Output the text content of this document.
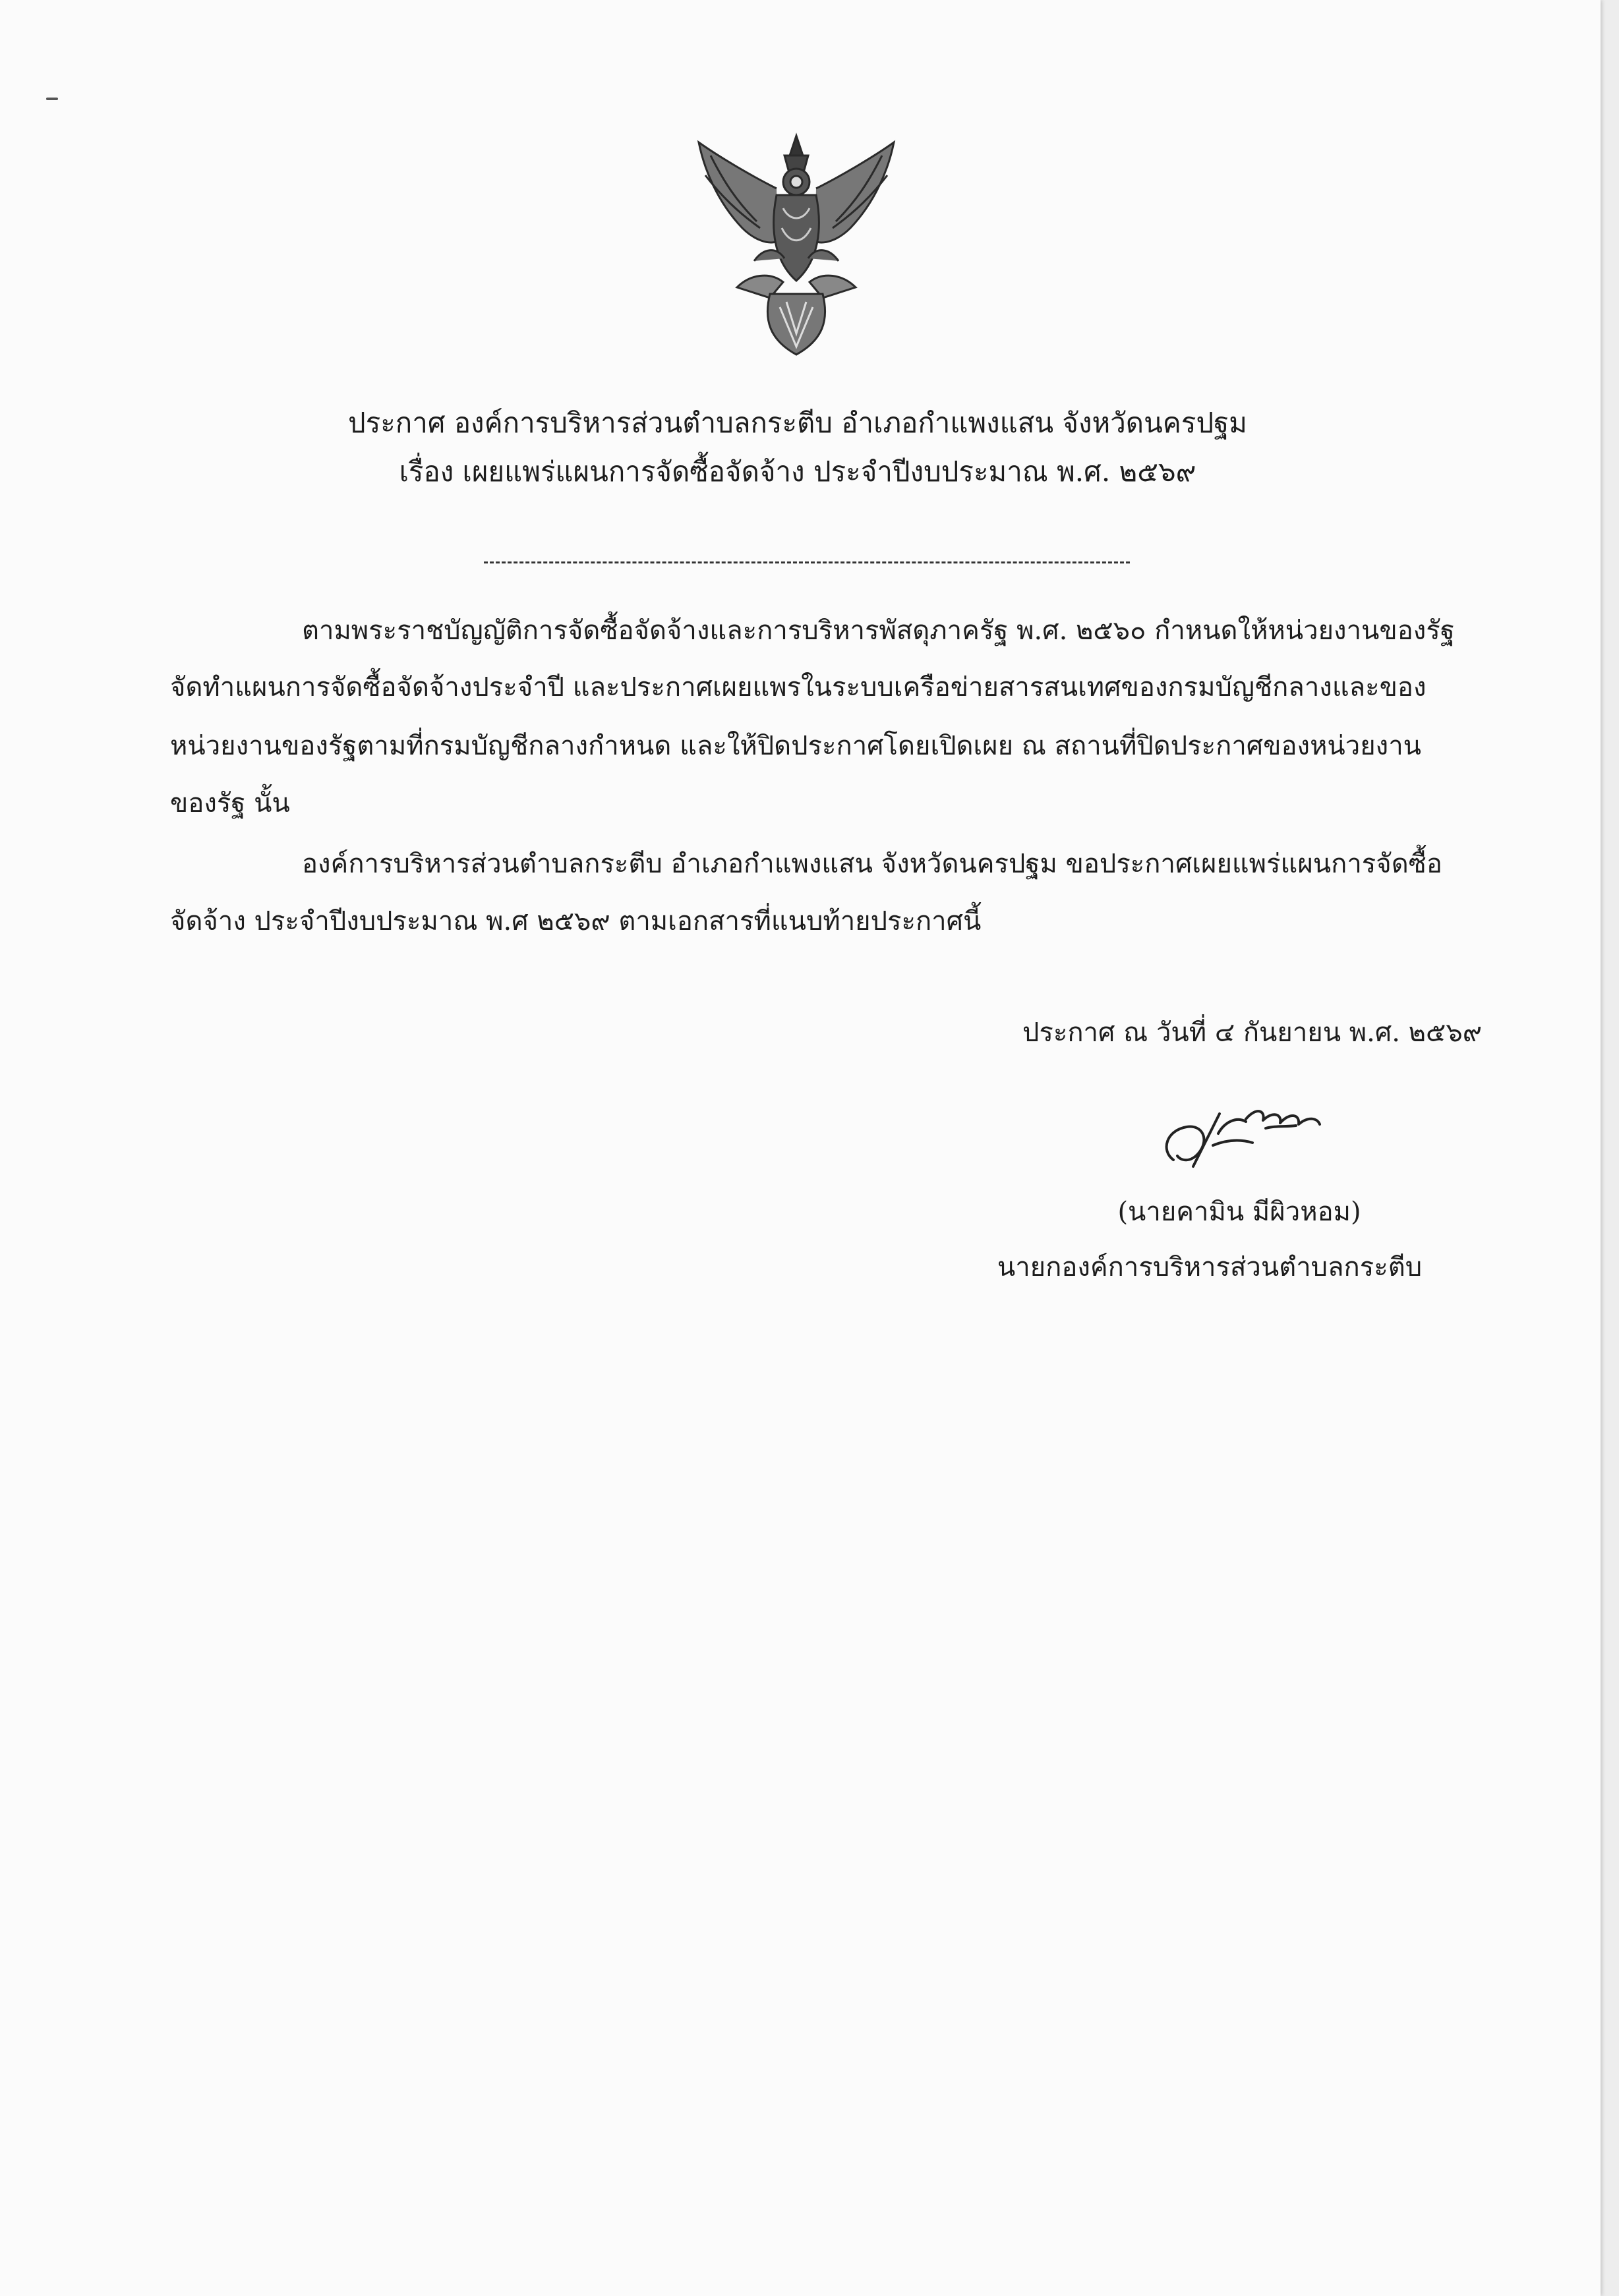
ประกาศ องค์การบริหารส่วนตำบลกระตีบ อำเภอกำแพงแสน จังหวัดนครปฐม
เรื่อง เผยแพร่แผนการจัดซื้อจัดจ้าง ประจำปีงบประมาณ พ.ศ. ๒๕๖๙
ตามพระราชบัญญัติการจัดซื้อจัดจ้างและการบริหารพัสดุภาครัฐ พ.ศ. ๒๕๖๐ กำหนดให้หน่วยงานของรัฐ
จัดทำแผนการจัดซื้อจัดจ้างประจำปี และประกาศเผยแพรในระบบเครือข่ายสารสนเทศของกรมบัญชีกลางและของ
หน่วยงานของรัฐตามที่กรมบัญชีกลางกำหนด และให้ปิดประกาศโดยเปิดเผย ณ สถานที่ปิดประกาศของหน่วยงาน
ของรัฐ นั้น
องค์การบริหารส่วนตำบลกระตีบ อำเภอกำแพงแสน จังหวัดนครปฐม ขอประกาศเผยแพร่แผนการจัดซื้อ
จัดจ้าง ประจำปีงบประมาณ พ.ศ ๒๕๖๙ ตามเอกสารที่แนบท้ายประกาศนี้
ประกาศ ณ วันที่ ๔ กันยายน พ.ศ. ๒๕๖๙
(นายคามิน มีผิวหอม)
นายกองค์การบริหารส่วนตำบลกระตีบ
